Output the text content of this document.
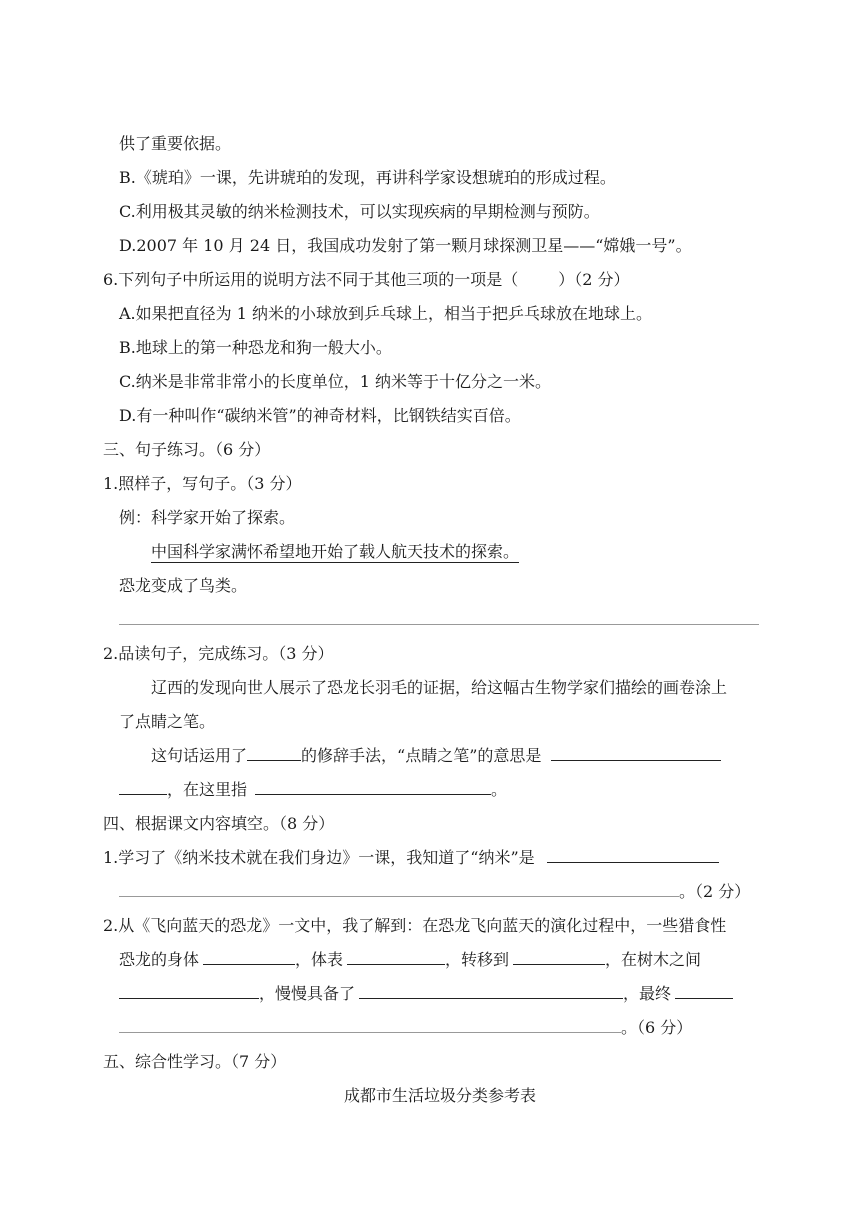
供了重要依据。
B.《琥珀》一课，先讲琥珀的发现，再讲科学家设想琥珀的形成过程。
C.利用极其灵敏的纳米检测技术，可以实现疾病的早期检测与预防。
D.2007 年 10 月 24 日，我国成功发射了第一颗月球探测卫星——“嫦娥一号”。
6.下列句子中所运用的说明方法不同于其他三项的一项是（	）（2 分）
A.如果把直径为 1 纳米的小球放到乒乓球上，相当于把乒乓球放在地球上。
B.地球上的第一种恐龙和狗一般大小。
C.纳米是非常非常小的长度单位，1 纳米等于十亿分之一米。
D.有一种叫作“碳纳米管”的神奇材料，比钢铁结实百倍。
三、句子练习。（6 分）
1.照样子，写句子。（3 分）
例：科学家开始了探索。
中国科学家满怀希望地开始了载人航天技术的探索。
恐龙变成了鸟类。
2.品读句子，完成练习。（3 分）
辽西的发现向世人展示了恐龙长羽毛的证据，给这幅古生物学家们描绘的画卷涂上
了点睛之笔。
这句话运用了	的修辞手法，“点睛之笔”的意思是
，在这里指	。
四、根据课文内容填空。（8 分）
1.学习了《纳米技术就在我们身边》一课，我知道了“纳米”是
。（2 分）
2.从《飞向蓝天的恐龙》一文中，我了解到：在恐龙飞向蓝天的演化过程中，一些猎食性
恐龙的身体	，体表	，转移到	，在树木之间
，慢慢具备了	，最终
。（6 分）
五、综合性学习。（7 分）
成都市生活垃圾分类参考表
